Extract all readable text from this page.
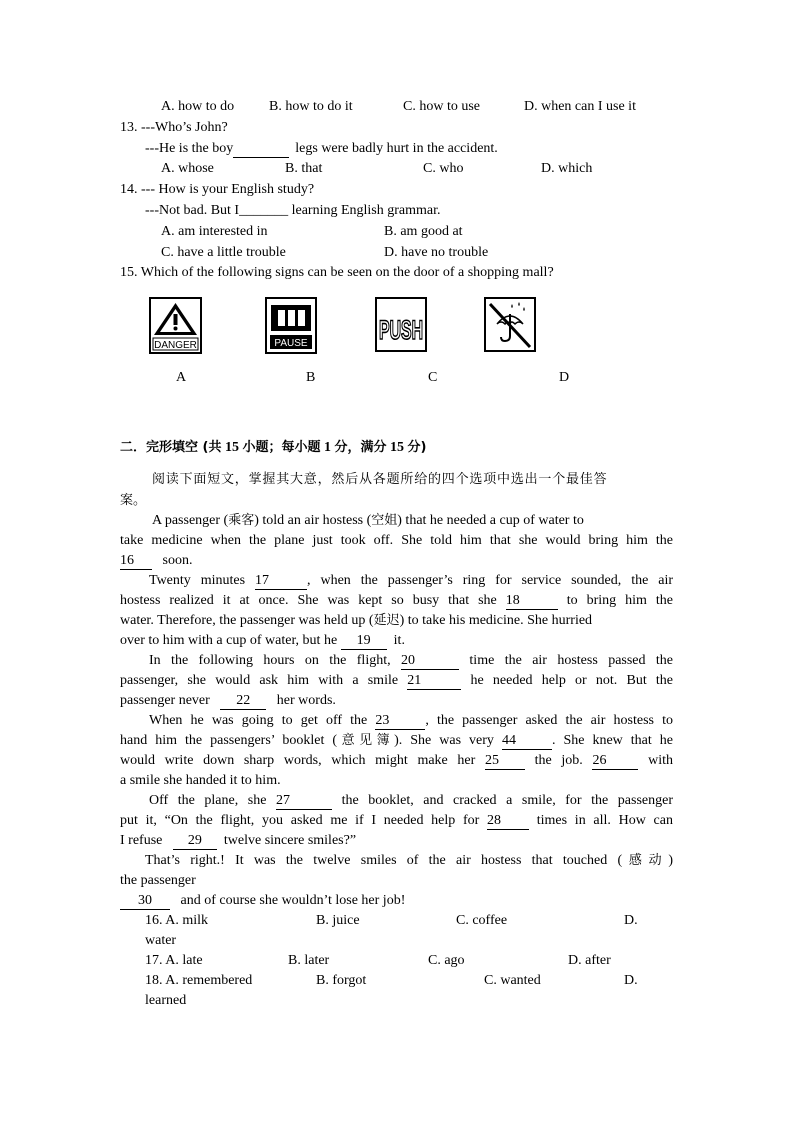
A. how to do B. how to do it	C. how to use	D. when can I use it
13. ---Who’s John?
---He is the boy	legs were badly hurt in the accident.
A. whose	B. that	C. who	D. which
14. --- How is your English study?
---Not bad. But I_______ learning English grammar.
A. am interested in	B. am good at
C. have a little trouble	D. have no trouble
15. Which of the following signs can be seen on the door of a shopping mall?
DANGER	PAUSE	PUSH
A	B	C	D
二．完形填空 (共 15 小题；每小题 1 分，满分 15 分)
阅读下面短文，掌握其大意，然后从各题所给的四个选项中选出一个最佳答
案。
A passenger (乘客) told an air hostess (空姐) that he needed a cup of water to
take medicine when the plane just took off. She told him that she would bring him the
16 soon.
Twenty minutes 17	, when the passenger’s ring for service sounded, the air
hostess realized it at once. She was kept so busy that she 18	to bring him the
water. Therefore, the passenger was held up (延迟) to take his medicine. She hurried
over to him with a cup of water, but he 19 it.
In the following hours on the flight, 20	time the air hostess passed the
passenger, she would ask him with a smile 21	he needed help or not. But the
passenger never 22 her words.
When he was going to get off the 23	, the passenger asked the air hostess to
hand him the passengers’ booklet (意见簿). She was very 44	. She knew that he
would write down sharp words, which might make her 25	the job. 26	with
a smile she handed it to him.
Off the plane, she 27	the booklet, and cracked a smile, for the passenger
put it, “On the flight, you asked me if I needed help for 28	times in all. How can
I refuse 29 twelve sincere smiles?”
That’s right.! It was the twelve smiles of the air hostess that touched (感动)
the passenger
30 and of course she wouldn’t lose her job!
16. A. milk	B. juice	C. coffee	D.
water
17. A. late	B. later	C. ago	D. after
18. A. remembered	B. forgot	C. wanted	D.
learned
